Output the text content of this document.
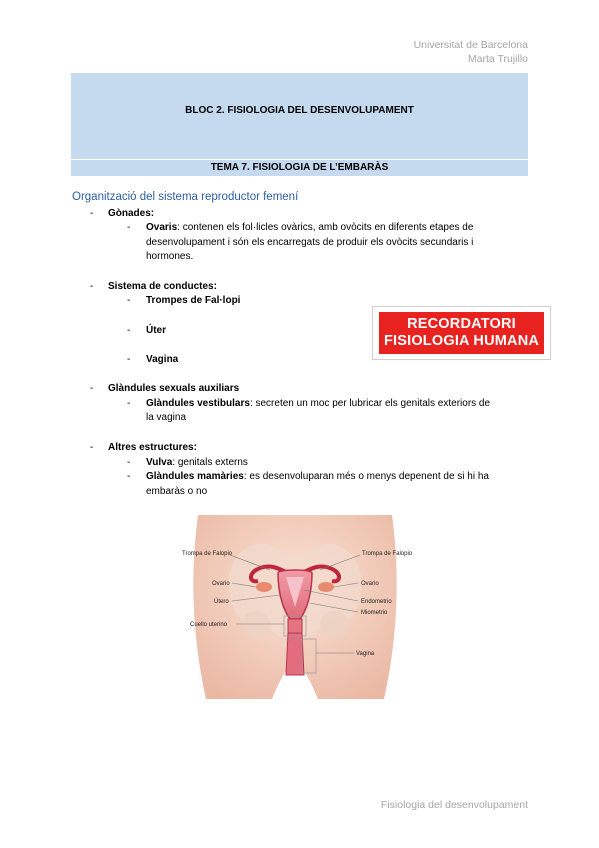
Universitat de Barcelona
Marta Trujillo
BLOC 2. FISIOLOGIA DEL DESENVOLUPAMENT
TEMA 7. FISIOLOGIA DE L’EMBARÀS
Organització del sistema reproductor femení
- Gònades:
- Ovaris: contenen els fol·licles ovàrics, amb ovòcits en diferents etapes de
desenvolupament i són els encarregats de produir els ovòcits secundaris i
hormones.
- Sistema de conductes:
- Trompes de Fal·lopi
- Úter
- Vagina
RECORDATORI
FISIOLOGIA HUMANA
- Glàndules sexuals auxiliars
- Glàndules vestibulars: secreten un moc per lubricar els genitals exteriors de
la vagina
- Altres estructures:
- Vulva: genitals externs
- Glàndules mamàries: es desenvoluparan més o menys depenent de si hi ha
embaràs o no
Trompa de Falopio	Trompa de Falopio
Ovario	Ovario
Útero	Endometrio
Miometrio
Cuello uterino
Vagina
Fisiologia del desenvolupament
